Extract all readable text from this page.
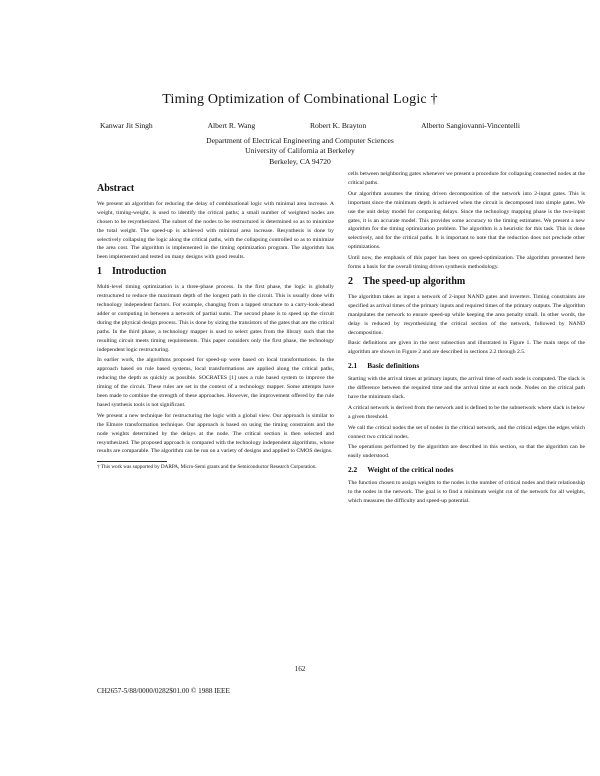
Timing Optimization of Combinational Logic †
Kanwar Jit Singh	Albert R. Wang	Robert K. Brayton	Alberto Sangiovanni-Vincentelli
Department of Electrical Engineering and Computer Sciences
University of California at Berkeley
Berkeley, CA 94720
Abstract

We present an algorithm for reducing the delay of combinational logic with minimal area increase. A weight, timing-weight, is used to identify the critical paths; a small number of weighted nodes are chosen to be resynthesized. The subset of the nodes to be restructured is determined so as to minimize the total weight. The speed-up is achieved with minimal area increase. Resynthesis is done by selectively collapsing the logic along the critical paths, with the collapsing controlled so as to minimize the area cost. The algorithm is implemented in the timing optimization program. The algorithm has been implemented and tested on many designs with good results.

1 Introduction

Multi-level timing optimization is a three-phase process. In the first phase, the logic is globally restructured to reduce the maximum depth of the longest path in the circuit. This is usually done with technology independent factors. For example, changing from a tapped structure to a carry-look-ahead adder or computing in between a network of partial sums. The second phase is to speed up the circuit during the physical design process. This is done by sizing the transistors of the gates that are the critical paths. In the third phase, a technology mapper is used to select gates from the library such that the resulting circuit meets timing requirements. This paper considers only the first phase, the technology independent logic restructuring.

In earlier work, the algorithms proposed for speed-up were based on local transformations. In the approach based on rule based systems, local transformations are applied along the critical paths, reducing the depth as quickly as possible. SOCRATES [1] uses a rule based system to improve the timing of the circuit. These rules are set in the context of a technology mapper. Some attempts have been made to combine the strength of these approaches. However, the improvement offered by the rule based synthesis tools is not significant.

We present a new technique for restructuring the logic with a global view. Our approach is similar to the Elmore transformation technique. Our approach is based on using the timing constraints and the node weights determined by the delays at the node. The critical section is then selected and resynthesized. The proposed approach is compared with the technology independent algorithms, whose results are comparable. The algorithm can be run on a variety of designs and applied to CMOS designs.

† This work was supported by DARPA, Micro-Semi grants and the Semiconductor Research Corporation.

cells between neighboring gates whenever we present a procedure for collapsing connected nodes at the critical paths.

Our algorithm assumes the timing driven decomposition of the network into 2-input gates. This is important since the minimum depth is achieved when the circuit is decomposed into simple gates. We use the unit delay model for comparing delays. Since the technology mapping phase is the two-input gates, it is an accurate model. This provides some accuracy to the timing estimates. We present a new algorithm for the timing optimization problem. The algorithm is a heuristic for this task. This is done selectively, and for the critical paths. It is important to note that the reduction does not preclude other optimizations.

Until now, the emphasis of this paper has been on speed-optimization. The algorithm presented here forms a basis for the overall timing driven synthesis methodology.

2 The speed-up algorithm

The algorithm takes as input a network of 2-input NAND gates and inverters. Timing constraints are specified as arrival times of the primary inputs and required times of the primary outputs. The algorithm manipulates the network to ensure speed-up while keeping the area penalty small. In other words, the delay is reduced by resynthesizing the critical section of the network, followed by NAND decomposition.

Basic definitions are given in the next subsection and illustrated in Figure 1. The main steps of the algorithm are shown in Figure 2 and are described in sections 2.2 through 2.5.

2.1 Basic definitions

Starting with the arrival times at primary inputs, the arrival time of each node is computed. The slack is the difference between the required time and the arrival time at each node. Nodes on the critical path have the minimum slack.

A critical network is derived from the network and is defined to be the subnetwork where slack is below a given threshold.

We call the critical nodes the set of nodes in the critical network, and the critical edges the edges which connect two critical nodes.

The operations performed by the algorithm are described in this section, so that the algorithm can be easily understood.

2.2 Weight of the critical nodes

The function chosen to assign weights to the nodes is the number of critical nodes and their relationship to the nodes in the network. The goal is to find a minimum weight cut of the network for all weights, which measures the difficulty and speed-up potential.

162
CH2657-5/88/0000/0282$01.00 © 1988 IEEE
